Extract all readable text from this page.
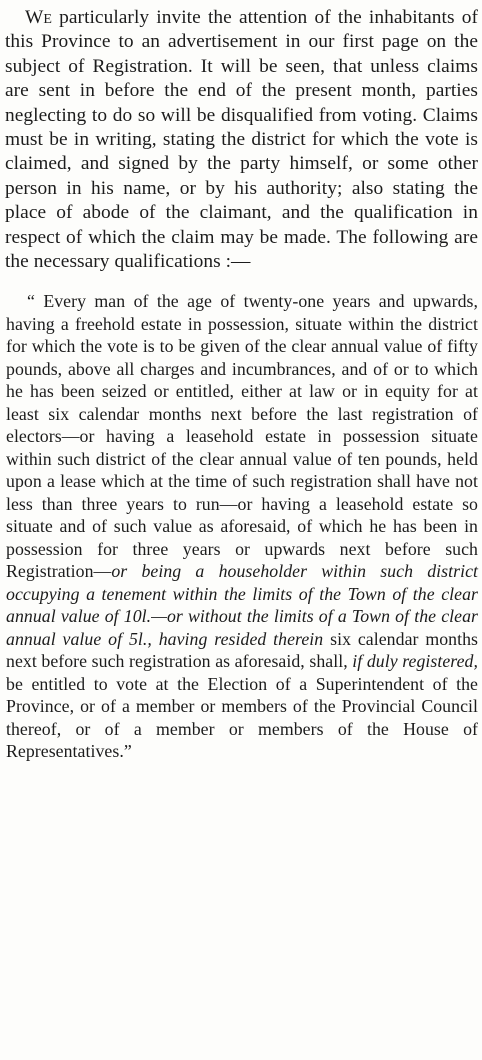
We particularly invite the attention of the inhabitants of this Province to an advertisement in our first page on the subject of Registration. It will be seen, that unless claims are sent in before the end of the present month, parties neglecting to do so will be disqualified from voting. Claims must be in writing, stating the district for which the vote is claimed, and signed by the party himself, or some other person in his name, or by his authority; also stating the place of abode of the claimant, and the qualification in respect of which the claim may be made. The following are the necessary qualifications :—

“ Every man of the age of twenty-one years and upwards, having a freehold estate in possession, situate within the district for which the vote is to be given of the clear annual value of fifty pounds, above all charges and incumbrances, and of or to which he has been seized or entitled, either at law or in equity for at least six calendar months next before the last registration of electors—or having a leasehold estate in possession situate within such district of the clear annual value of ten pounds, held upon a lease which at the time of such registration shall have not less than three years to run—or having a leasehold estate so situate and of such value as aforesaid, of which he has been in possession for three years or upwards next before such Registration—or being a householder within such district occupying a tenement within the limits of the Town of the clear annual value of 10l.—or without the limits of a Town of the clear annual value of 5l., having resided therein six calendar months next before such registration as aforesaid, shall, if duly registered, be entitled to vote at the Election of a Superintendent of the Province, or of a member or members of the Provincial Council thereof, or of a member or members of the House of Representatives.”
